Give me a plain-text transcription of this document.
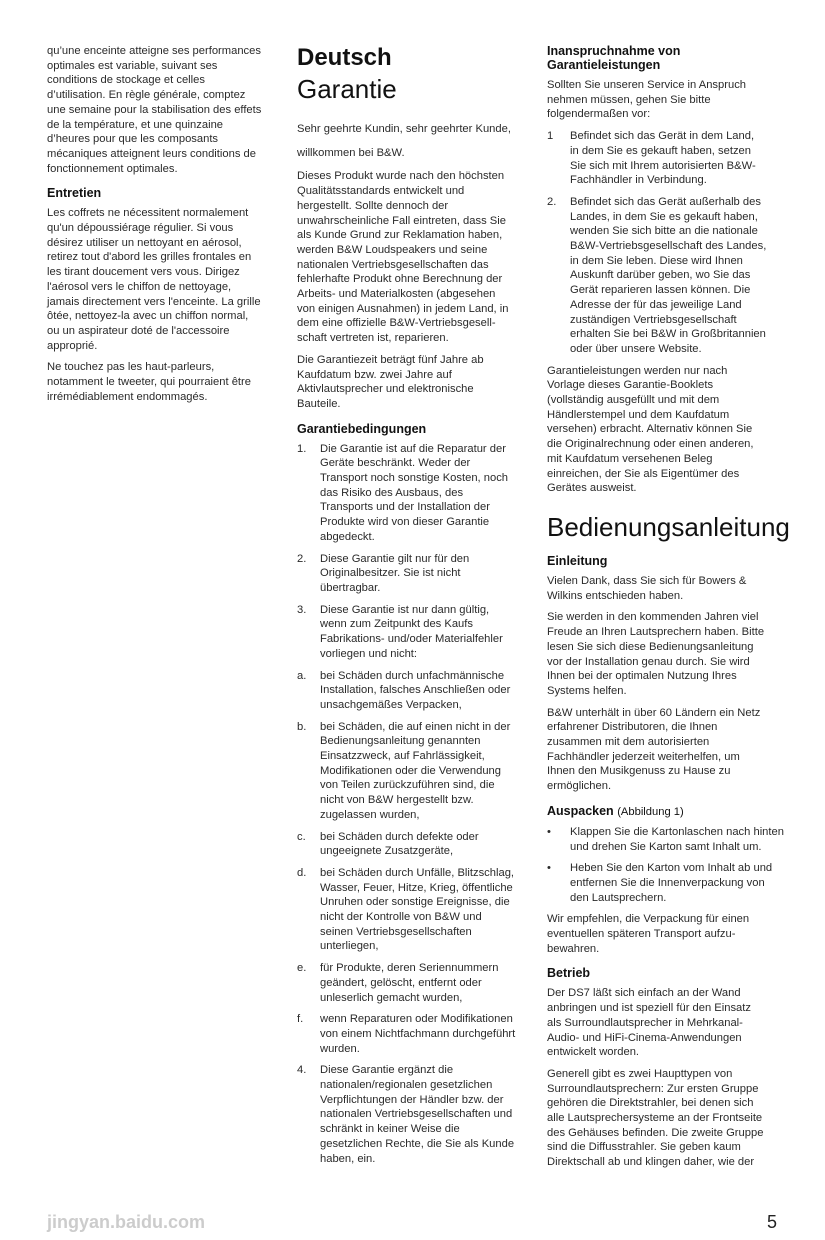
qu’une enceinte atteigne ses performances
optimales est variable, suivant ses
conditions de stockage et celles
d’utilisation. En règle générale, comptez
une semaine pour la stabilisation des effets
de la température, et une quinzaine
d’heures pour que les composants
mécaniques atteignent leurs conditions de
fonctionnement optimales.

Entretien

Les coffrets ne nécessitent normalement
qu'un dépoussiérage régulier. Si vous
désirez utiliser un nettoyant en aérosol,
retirez tout d'abord les grilles frontales en
les tirant doucement vers vous. Dirigez
l'aérosol vers le chiffon de nettoyage,
jamais directement vers l'enceinte. La grille
ôtée, nettoyez-la avec un chiffon normal,
ou un aspirateur doté de l'accessoire
approprié.

Ne touchez pas les haut-parleurs,
notamment le tweeter, qui pourraient être
irrémédiablement endommagés.

Deutsch
Garantie

Sehr geehrte Kundin, sehr geehrter Kunde,

willkommen bei B&W.

Dieses Produkt wurde nach den höchsten
Qualitätsstandards entwickelt und
hergestellt. Sollte dennoch der
unwahrscheinliche Fall eintreten, dass Sie
als Kunde Grund zur Reklamation haben,
werden B&W Loudspeakers und seine
nationalen Vertriebsgesellschaften das
fehlerhafte Produkt ohne Berechnung der
Arbeits- und Materialkosten (abgesehen
von einigen Ausnahmen) in jedem Land, in
dem eine offizielle B&W-Vertriebsgesell-
schaft vertreten ist, reparieren.

Die Garantiezeit beträgt fünf Jahre ab
Kaufdatum bzw. zwei Jahre auf
Aktivlautsprecher und elektronische
Bauteile.

Garantiebedingungen
1.	Die Garantie ist auf die Reparatur der
Geräte beschränkt. Weder der
Transport noch sonstige Kosten, noch
das Risiko des Ausbaus, des
Transports und der Installation der
Produkte wird von dieser Garantie
abgedeckt.
2.	Diese Garantie gilt nur für den
Originalbesitzer. Sie ist nicht
übertragbar.
3.	Diese Garantie ist nur dann gültig,
wenn zum Zeitpunkt des Kaufs
Fabrikations- und/oder Materialfehler
vorliegen und nicht:
a.	bei Schäden durch unfachmännische
Installation, falsches Anschließen oder
unsachgemäßes Verpacken,
b.	bei Schäden, die auf einen nicht in der
Bedienungsanleitung genannten
Einsatzzweck, auf Fahrlässigkeit,
Modifikationen oder die Verwendung
von Teilen zurückzuführen sind, die
nicht von B&W hergestellt bzw.
zugelassen wurden,
c.	bei Schäden durch defekte oder
ungeeignete Zusatzgeräte,
d.	bei Schäden durch Unfälle, Blitzschlag,
Wasser, Feuer, Hitze, Krieg, öffentliche
Unruhen oder sonstige Ereignisse, die
nicht der Kontrolle von B&W und
seinen Vertriebsgesellschaften
unterliegen,
e.	für Produkte, deren Seriennummern
geändert, gelöscht, entfernt oder
unleserlich gemacht wurden,
f.	wenn Reparaturen oder Modifikationen
von einem Nichtfachmann durchgeführt
wurden.
4.	Diese Garantie ergänzt die
nationalen/regionalen gesetzlichen
Verpflichtungen der Händler bzw. der
nationalen Vertriebsgesellschaften und
schränkt in keiner Weise die
gesetzlichen Rechte, die Sie als Kunde
haben, ein.
Inanspruchnahme von
Garantieleistungen

Sollten Sie unseren Service in Anspruch
nehmen müssen, gehen Sie bitte
folgendermaßen vor:

1	Befindet sich das Gerät in dem Land,
in dem Sie es gekauft haben, setzen
Sie sich mit Ihrem autorisierten B&W-
Fachhändler in Verbindung.
2.	Befindet sich das Gerät außerhalb des
Landes, in dem Sie es gekauft haben,
wenden Sie sich bitte an die nationale
B&W-Vertriebsgesellschaft des Landes,
in dem Sie leben. Diese wird Ihnen
Auskunft darüber geben, wo Sie das
Gerät reparieren lassen können. Die
Adresse der für das jeweilige Land
zuständigen Vertriebsgesellschaft
erhalten Sie bei B&W in Großbritannien
oder über unsere Website.

Garantieleistungen werden nur nach
Vorlage dieses Garantie-Booklets
(vollständig ausgefüllt und mit dem
Händlerstempel und dem Kaufdatum
versehen) erbracht. Alternativ können Sie
die Originalrechnung oder einen anderen,
mit Kaufdatum versehenen Beleg
einreichen, der Sie als Eigentümer des
Gerätes ausweist.

Bedienungsanleitung
Einleitung

Vielen Dank, dass Sie sich für Bowers &
Wilkins entschieden haben.

Sie werden in den kommenden Jahren viel
Freude an Ihren Lautsprechern haben. Bitte
lesen Sie sich diese Bedienungsanleitung
vor der Installation genau durch. Sie wird
Ihnen bei der optimalen Nutzung Ihres
Systems helfen.

B&W unterhält in über 60 Ländern ein Netz
erfahrener Distributoren, die Ihnen
zusammen mit dem autorisierten
Fachhändler jederzeit weiterhelfen, um
Ihnen den Musikgenuss zu Hause zu
ermöglichen.

Auspacken (Abbildung 1)
•	Klappen Sie die Kartonlaschen nach hinten
und drehen Sie Karton samt Inhalt um.
•	Heben Sie den Karton vom Inhalt ab und
entfernen Sie die Innenverpackung von
den Lautsprechern.

Wir empfehlen, die Verpackung für einen
eventuellen späteren Transport aufzu-
bewahren.

Betrieb

Der DS7 läßt sich einfach an der Wand
anbringen und ist speziell für den Einsatz
als Surroundlautsprecher in Mehrkanal-
Audio- und HiFi-Cinema-Anwendungen
entwickelt worden.

Generell gibt es zwei Haupttypen von
Surroundlautsprechern: Zur ersten Gruppe
gehören die Direktstrahler, bei denen sich
alle Lautsprechersysteme an der Frontseite
des Gehäuses befinden. Die zweite Gruppe
sind die Diffusstrahler. Sie geben kaum
Direktschall ab und klingen daher, wie der

jingyan.baidu.com	5
